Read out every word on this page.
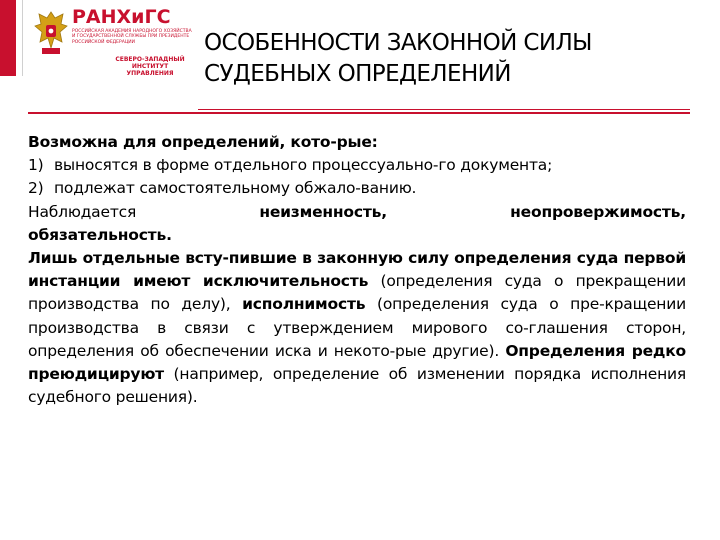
РАНХиГС
РОССИЙСКАЯ АКАДЕМИЯ НАРОДНОГО ХОЗЯЙСТВА И ГОСУДАРСТВЕННОЙ СЛУЖБЫ ПРИ ПРЕЗИДЕНТЕ РОССИЙСКОЙ ФЕДЕРАЦИИ
СЕВЕРО-ЗАПАДНЫЙ
ИНСТИТУТ УПРАВЛЕНИЯ
ОСОБЕННОСТИ ЗАКОННОЙ СИЛЫ
СУДЕБНЫХ ОПРЕДЕЛЕНИЙ

Возможна для определений, кото-рые:

1) выносятся в форме отдельного процессуально-го документа;
2) подлежат самостоятельному обжало-ванию.
Наблюдается	неизменность,	неопровержимость,

обязательность.

Лишь отдельные всту-пившие в законную силу определения суда первой инстанции имеют исключительность (определения суда о прекращении производства по делу), исполнимость (определения суда о пре-кращении производства в связи с утверждением мирового со-глашения сторон, определения об обеспечении иска и некото-рые другие). Определения редко преюдицируют (например, определение об изменении порядка исполнения судебного решения).
